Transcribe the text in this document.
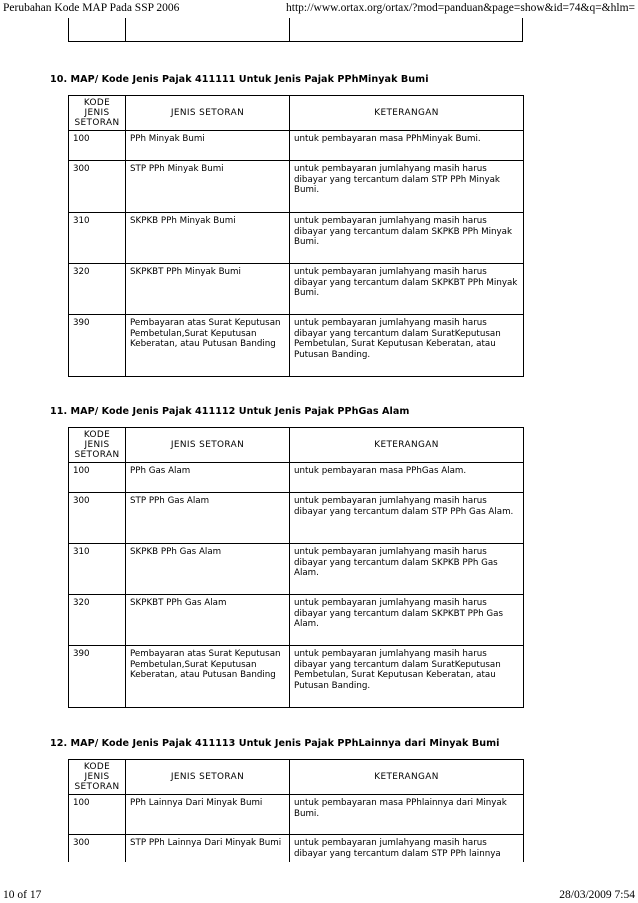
Perubahan Kode MAP Pada SSP 2006	http://www.ortax.org/ortax/?mod=panduan&page=show&id=74&q=&hlm=
10. MAP/ Kode Jenis Pajak 411111 Untuk Jenis Pajak PPhMinyak Bumi
KODE
JENIS
SETORAN	JENIS SETORAN	KETERANGAN
100	PPh Minyak Bumi	untuk pembayaran masa PPhMinyak Bumi.
300	STP PPh Minyak Bumi	untuk pembayaran jumlahyang masih harus dibayar yang tercantum dalam STP PPh Minyak Bumi.
310	SKPKB PPh Minyak Bumi	untuk pembayaran jumlahyang masih harus dibayar yang tercantum dalam SKPKB PPh Minyak Bumi.
320	SKPKBT PPh Minyak Bumi	untuk pembayaran jumlahyang masih harus dibayar yang tercantum dalam SKPKBT PPh Minyak Bumi.
390	Pembayaran atas Surat Keputusan Pembetulan,Surat Keputusan Keberatan, atau Putusan Banding	untuk pembayaran jumlahyang masih harus dibayar yang tercantum dalam SuratKeputusan Pembetulan, Surat Keputusan Keberatan, atau Putusan Banding.
11. MAP/ Kode Jenis Pajak 411112 Untuk Jenis Pajak PPhGas Alam
KODE
JENIS
SETORAN	JENIS SETORAN	KETERANGAN
100	PPh Gas Alam	untuk pembayaran masa PPhGas Alam.
300	STP PPh Gas Alam	untuk pembayaran jumlahyang masih harus dibayar yang tercantum dalam STP PPh Gas Alam.
310	SKPKB PPh Gas Alam	untuk pembayaran jumlahyang masih harus dibayar yang tercantum dalam SKPKB PPh Gas Alam.
320	SKPKBT PPh Gas Alam	untuk pembayaran jumlahyang masih harus dibayar yang tercantum dalam SKPKBT PPh Gas Alam.
390	Pembayaran atas Surat Keputusan Pembetulan,Surat Keputusan Keberatan, atau Putusan Banding	untuk pembayaran jumlahyang masih harus dibayar yang tercantum dalam SuratKeputusan Pembetulan, Surat Keputusan Keberatan, atau Putusan Banding.
12. MAP/ Kode Jenis Pajak 411113 Untuk Jenis Pajak PPhLainnya dari Minyak Bumi
KODE
JENIS
SETORAN	JENIS SETORAN	KETERANGAN
100	PPh Lainnya Dari Minyak Bumi	untuk pembayaran masa PPhlainnya dari Minyak Bumi.
300	STP PPh Lainnya Dari Minyak Bumi	untuk pembayaran jumlahyang masih harus dibayar yang tercantum dalam STP PPh lainnya
10 of 17	28/03/2009 7:54
